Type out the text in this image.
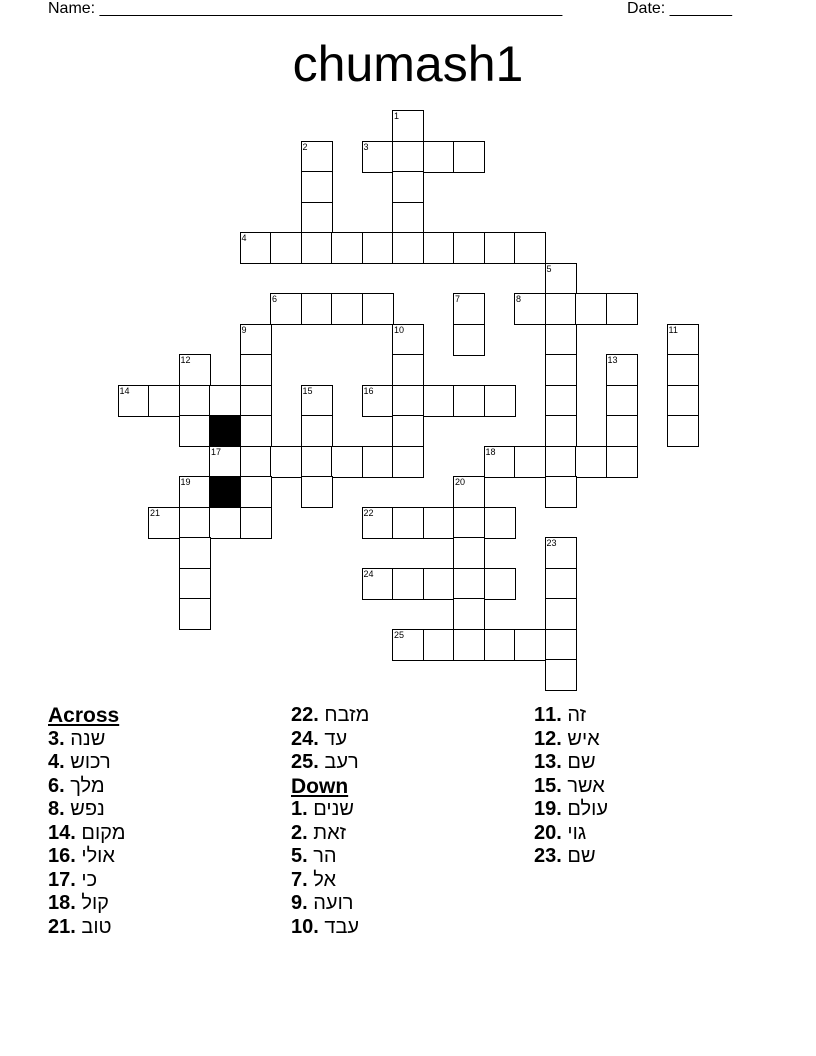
Name: ____________________________________________________	Date: _______
chumash1
1
2	3
4
5
6	7	8
9	10	11
12	13
14	15	16
17	18
19	20
21	22
23
24
25
Across
3. שנה
4. רכוש
6. מלך
8. נפש
14. מקום
16. אולי
17. כי
18. קול
21. טוב
22. מזבח
24. עד
25. רעב
Down
1. שנים
2. זאת
5. הר
7. אל
9. רועה
10. עבד
11. זה
12. איש
13. שם
15. אשר
19. עולם
20. גוי
23. שם
